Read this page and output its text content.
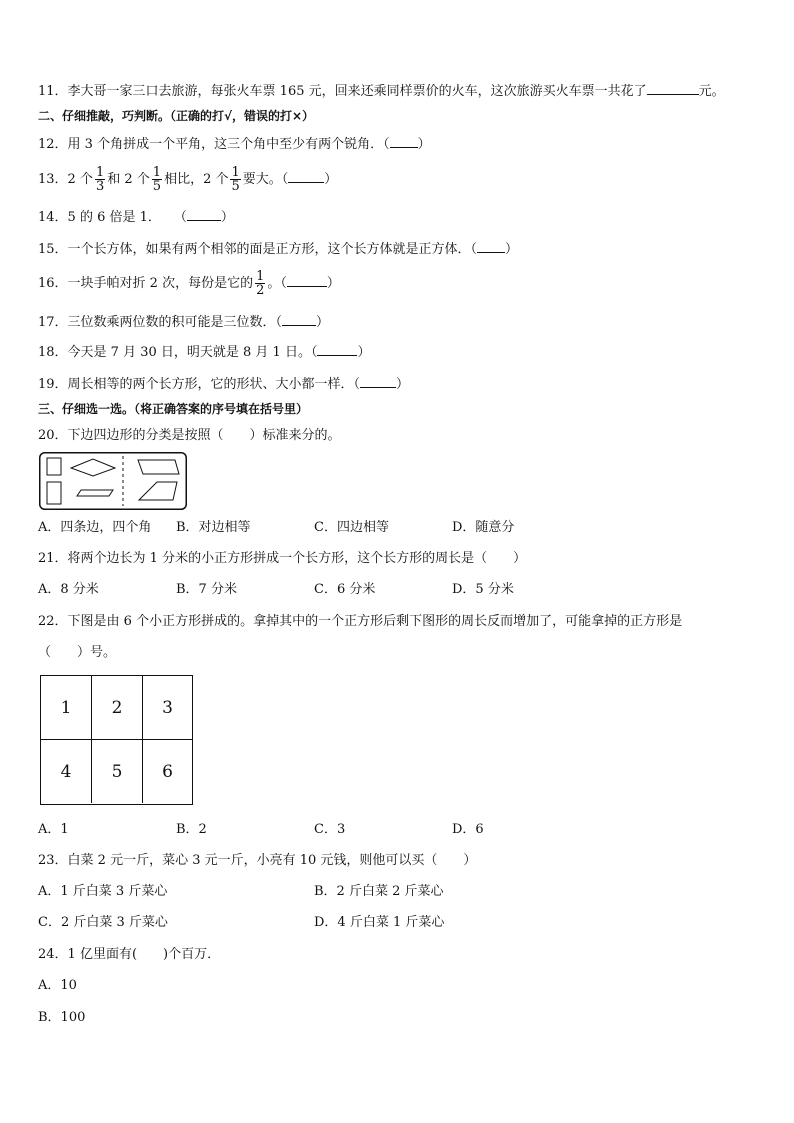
11．李大哥一家三口去旅游，每张火车票 165 元，回来还乘同样票价的火车，这次旅游买火车票一共花了	元。
二、仔细推敲，巧判断。（正确的打√，错误的打×）
12．用 3 个角拼成一个平角，这三个角中至少有两个锐角．（ ）
13．2 个 $\frac{1}{3}$ 和 2 个 $\frac{1}{5}$ 相比，2 个 $\frac{1}{5}$ 要大。（	）
14．5 的 6 倍是 1．　　（	）
15．一个长方体，如果有两个相邻的面是正方形，这个长方体就是正方体．（ ）
16．一块手帕对折 2 次，每份是它的 $\frac{1}{2}$ 。（	）
17．三位数乘两位数的积可能是三位数．（	）
18．今天是 7 月 30 日，明天就是 8 月 1 日。（	）
19．周长相等的两个长方形，它的形状、大小都一样．（	）
三、仔细选一选。（将正确答案的序号填在括号里）
20．下边四边形的分类是按照（　　）标准来分的。
A．四条边，四个角 B．对边相等	C．四边相等	D．随意分
21．将两个边长为 1 分米的小正方形拼成一个长方形，这个长方形的周长是（　　）
A．8 分米	B．7 分米	C．6 分米	D．5 分米
22．下图是由 6 个小正方形拼成的。拿掉其中的一个正方形后剩下图形的周长反而增加了，可能拿掉的正方形是
（　　）号。
1	2	3
4	5	6
A．1	B．2	C．3	D．6
23．白菜 2 元一斤，菜心 3 元一斤，小亮有 10 元钱，则他可以买（　　）
A．1 斤白菜 3 斤菜心	B．2 斤白菜 2 斤菜心
C．2 斤白菜 3 斤菜心	D．4 斤白菜 1 斤菜心
24．1 亿里面有(　　)个百万．
A．10
B．100
